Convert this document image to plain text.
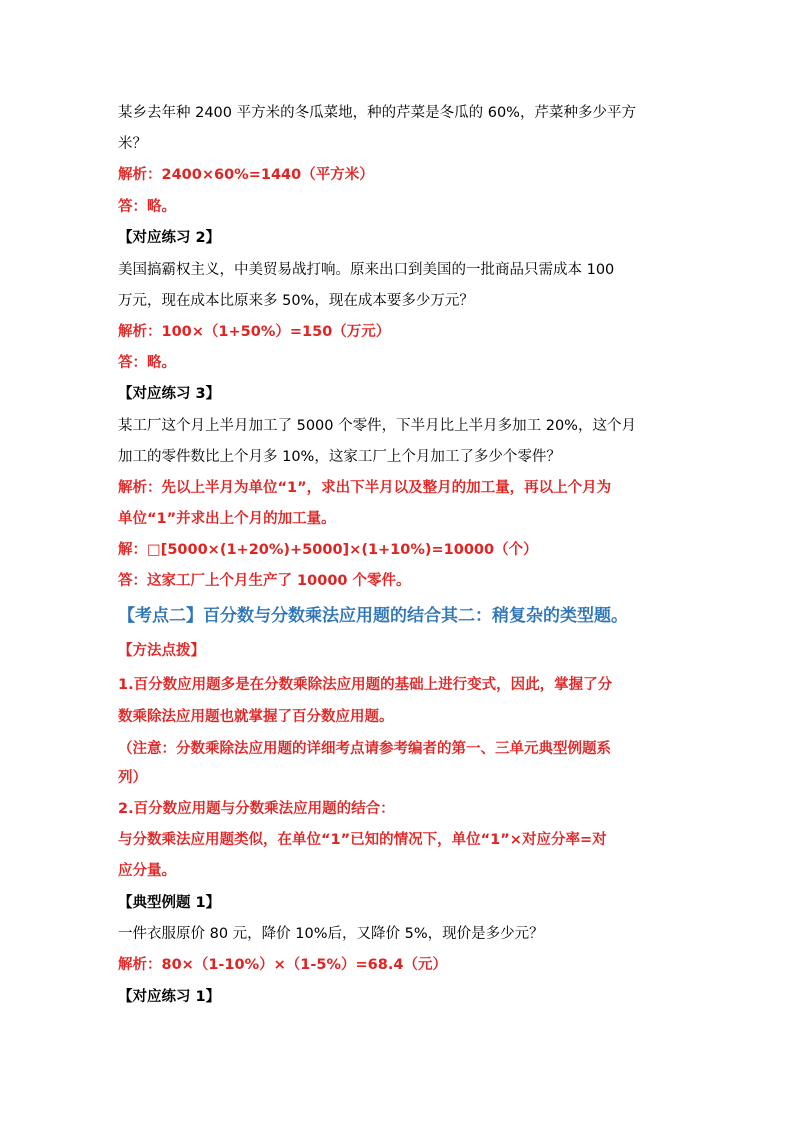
某乡去年种 2400 平方米的冬瓜菜地，种的芹菜是冬瓜的 60%，芹菜种多少平方
米？
解析：2400×60%=1440（平方米）
答：略。
【对应练习 2】
美国搞霸权主义，中美贸易战打响。原来出口到美国的一批商品只需成本 100
万元，现在成本比原来多 50%，现在成本要多少万元？
解析：100×（1+50%）=150（万元）
答：略。
【对应练习 3】
某工厂这个月上半月加工了 5000 个零件，下半月比上半月多加工 20%，这个月
加工的零件数比上个月多 10%，这家工厂上个月加工了多少个零件？
解析：先以上半月为单位“1”，求出下半月以及整月的加工量，再以上个月为
单位“1”并求出上个月的加工量。
解：□[5000×(1+20%)+5000]×(1+10%)=10000（个）
答：这家工厂上个月生产了 10000 个零件。
【考点二】百分数与分数乘法应用题的结合其二：稍复杂的类型题。
【方法点拨】
1.百分数应用题多是在分数乘除法应用题的基础上进行变式，因此，掌握了分
数乘除法应用题也就掌握了百分数应用题。
（注意：分数乘除法应用题的详细考点请参考编者的第一、三单元典型例题系
列）
2.百分数应用题与分数乘法应用题的结合：
与分数乘法应用题类似，在单位“1”已知的情况下，单位“1”×对应分率=对
应分量。
【典型例题 1】
一件衣服原价 80 元，降价 10%后，又降价 5%，现价是多少元？
解析：80×（1-10%）×（1-5%）=68.4（元）
【对应练习 1】
